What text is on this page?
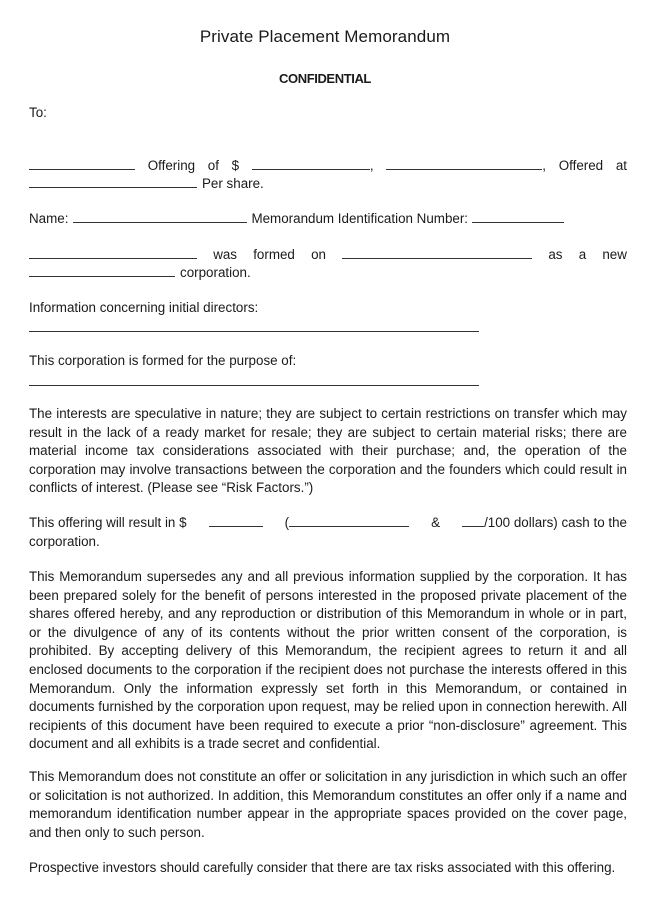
Private Placement Memorandum
CONFIDENTIAL
To:
Offering of $	,	, Offered at
Per share.
Name:	Memorandum Identification Number:
was formed on	as a new
corporation.
Information concerning initial directors:
This corporation is formed for the purpose of:
The interests are speculative in nature; they are subject to certain restrictions on transfer which may result in the lack of a ready market for resale; they are subject to certain material risks; there are material income tax considerations associated with their purchase; and, the operation of the corporation may involve transactions between the corporation and the founders which could result in conflicts of interest. (Please see “Risk Factors.”)
This offering will result in $	(	&	/100 dollars) cash to the
corporation.
This Memorandum supersedes any and all previous information supplied by the corporation. It has been prepared solely for the benefit of persons interested in the proposed private placement of the shares offered hereby, and any reproduction or distribution of this Memorandum in whole or in part, or the divulgence of any of its contents without the prior written consent of the corporation, is prohibited. By accepting delivery of this Memorandum, the recipient agrees to return it and all enclosed documents to the corporation if the recipient does not purchase the interests offered in this Memorandum. Only the information expressly set forth in this Memorandum, or contained in documents furnished by the corporation upon request, may be relied upon in connection herewith. All recipients of this document have been required to execute a prior “non-disclosure” agreement. This document and all exhibits is a trade secret and confidential.
This Memorandum does not constitute an offer or solicitation in any jurisdiction in which such an offer or solicitation is not authorized. In addition, this Memorandum constitutes an offer only if a name and memorandum identification number appear in the appropriate spaces provided on the cover page, and then only to such person.
Prospective investors should carefully consider that there are tax risks associated with this offering.
